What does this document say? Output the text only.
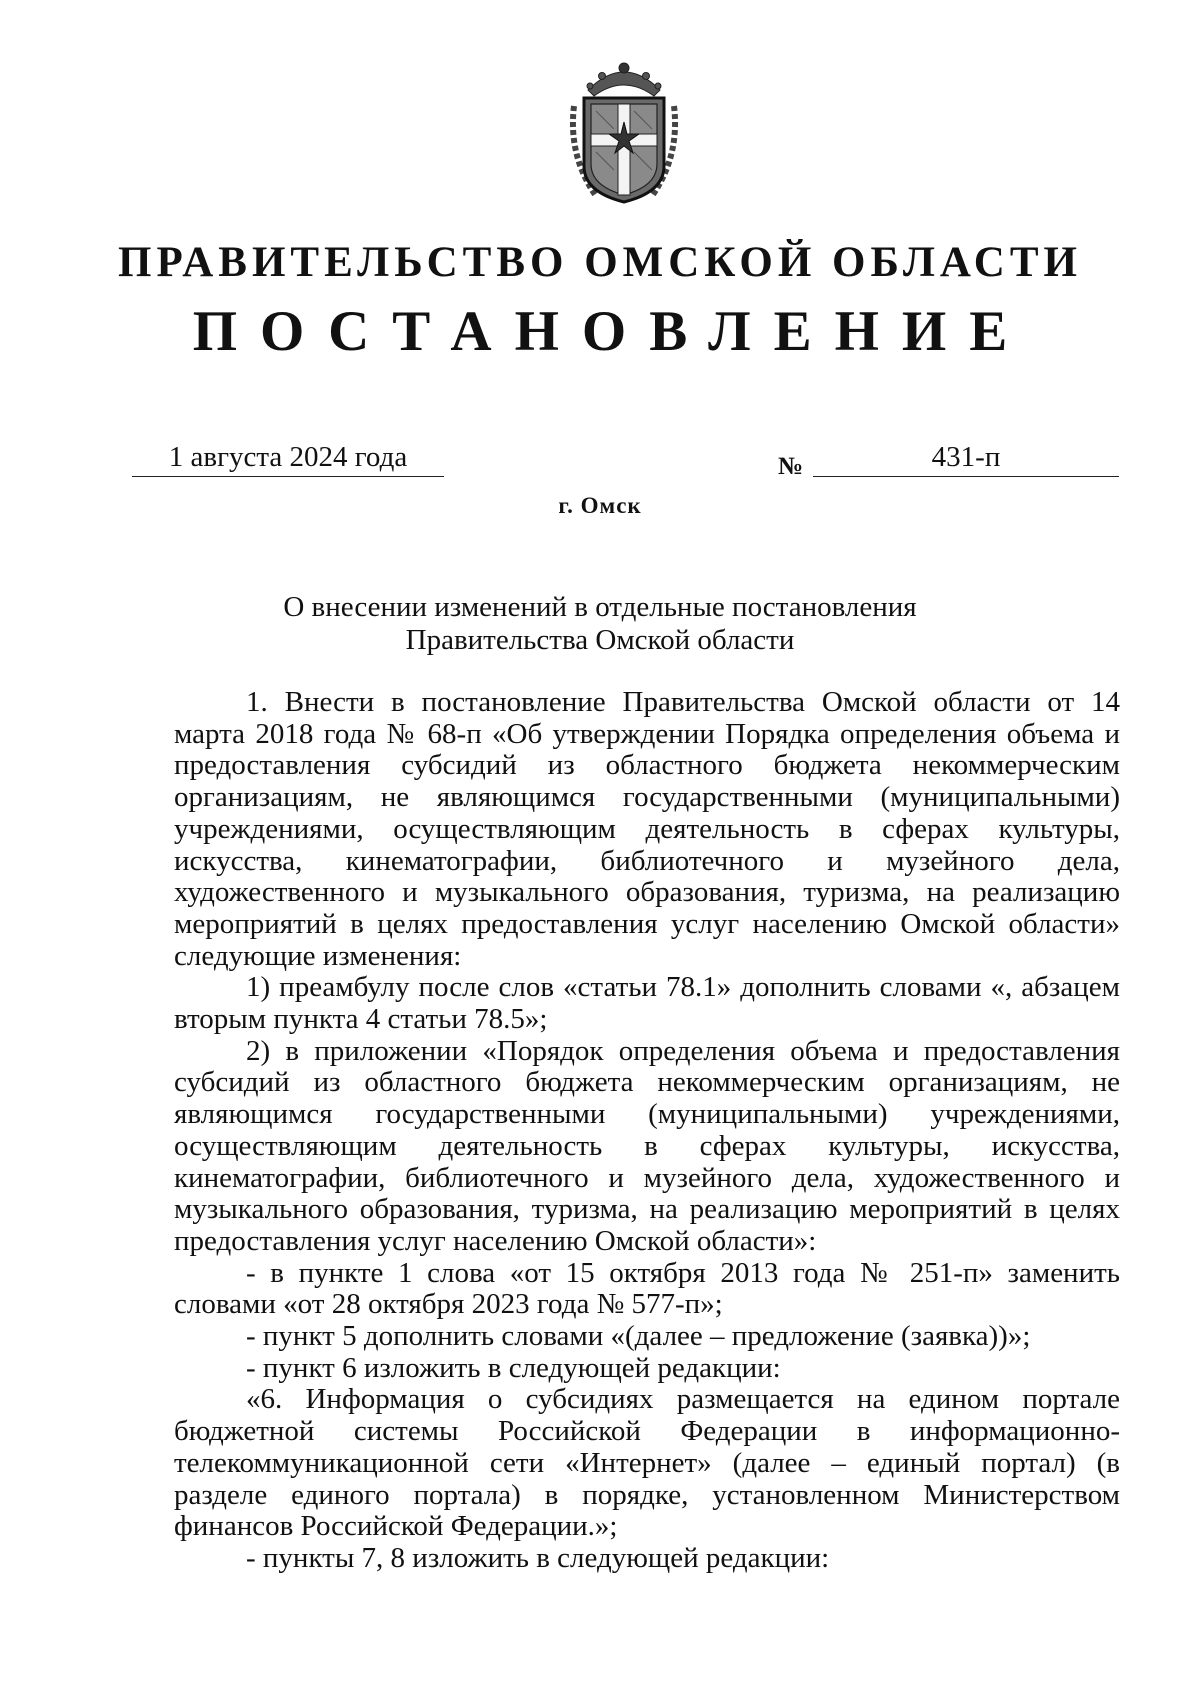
ПРАВИТЕЛЬСТВО ОМСКОЙ ОБЛАСТИ
ПОСТАНОВЛЕНИЕ
1 августа 2024 года	№	431-п
г. Омск
О внесении изменений в отдельные постановления
Правительства Омской области

1. Внести в постановление Правительства Омской области от 14 марта 2018 года № 68-п «Об утверждении Порядка определения объема и предоставления субсидий из областного бюджета некоммерческим организациям, не являющимся государственными (муниципальными) учреждениями, осуществляющим деятельность в сферах культуры, искусства, кинематографии, библиотечного и музейного дела, художественного и музыкального образования, туризма, на реализацию мероприятий в целях предоставления услуг населению Омской области» следующие изменения:

1) преамбулу после слов «статьи 78.1» дополнить словами «, абзацем вторым пункта 4 статьи 78.5»;

2) в приложении «Порядок определения объема и предоставления субсидий из областного бюджета некоммерческим организациям, не являющимся государственными (муниципальными) учреждениями, осуществляющим деятельность в сферах культуры, искусства, кинематографии, библиотечного и музейного дела, художественного и музыкального образования, туризма, на реализацию мероприятий в целях предоставления услуг населению Омской области»:

- в пункте 1 слова «от 15 октября 2013 года № 251-п» заменить словами «от 28 октября 2023 года № 577-п»;

- пункт 5 дополнить словами «(далее – предложение (заявка))»;

- пункт 6 изложить в следующей редакции:

«6. Информация о субсидиях размещается на едином портале бюджетной системы Российской Федерации в информационно-телекоммуникационной сети «Интернет» (далее – единый портал) (в разделе единого портала) в порядке, установленном Министерством финансов Российской Федерации.»;

- пункты 7, 8 изложить в следующей редакции:
